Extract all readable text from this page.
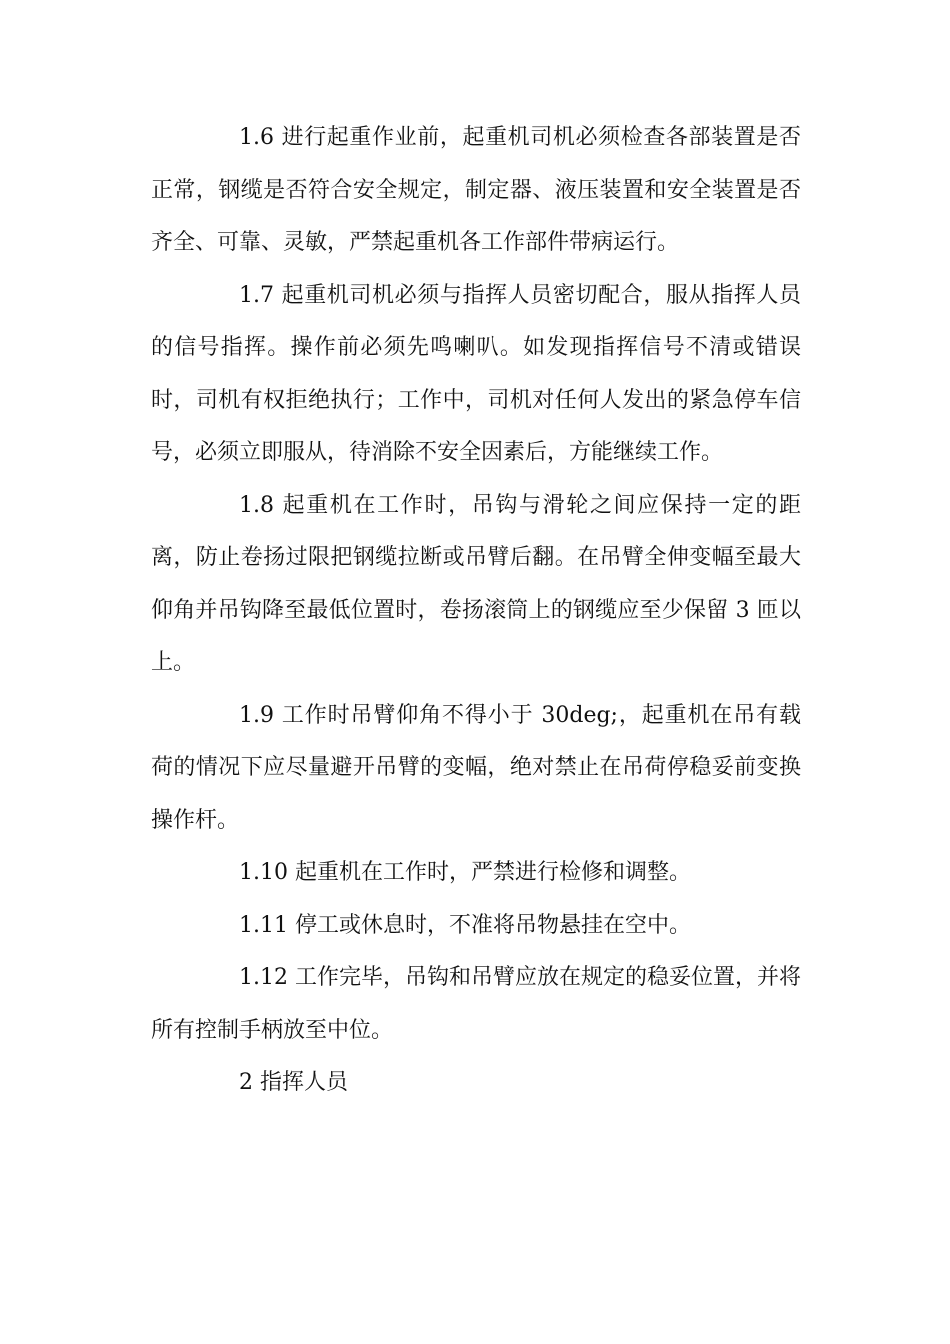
1.6 进行起重作业前，起重机司机必须检查各部装置是否正常，钢缆是否符合安全规定，制定器、液压装置和安全装置是否齐全、可靠、灵敏，严禁起重机各工作部件带病运行。

1.7 起重机司机必须与指挥人员密切配合，服从指挥人员的信号指挥。操作前必须先鸣喇叭。如发现指挥信号不清或错误时，司机有权拒绝执行；工作中，司机对任何人发出的紧急停车信号，必须立即服从，待消除不安全因素后，方能继续工作。

1.8 起重机在工作时，吊钩与滑轮之间应保持一定的距离，防止卷扬过限把钢缆拉断或吊臂后翻。在吊臂全伸变幅至最大仰角并吊钩降至最低位置时，卷扬滚筒上的钢缆应至少保留 3 匝以上。

1.9 工作时吊臂仰角不得小于 30deg;，起重机在吊有载荷的情况下应尽量避开吊臂的变幅，绝对禁止在吊荷停稳妥前变换操作杆。

1.10 起重机在工作时，严禁进行检修和调整。

1.11 停工或休息时，不准将吊物悬挂在空中。

1.12 工作完毕，吊钩和吊臂应放在规定的稳妥位置，并将所有控制手柄放至中位。

2 指挥人员
